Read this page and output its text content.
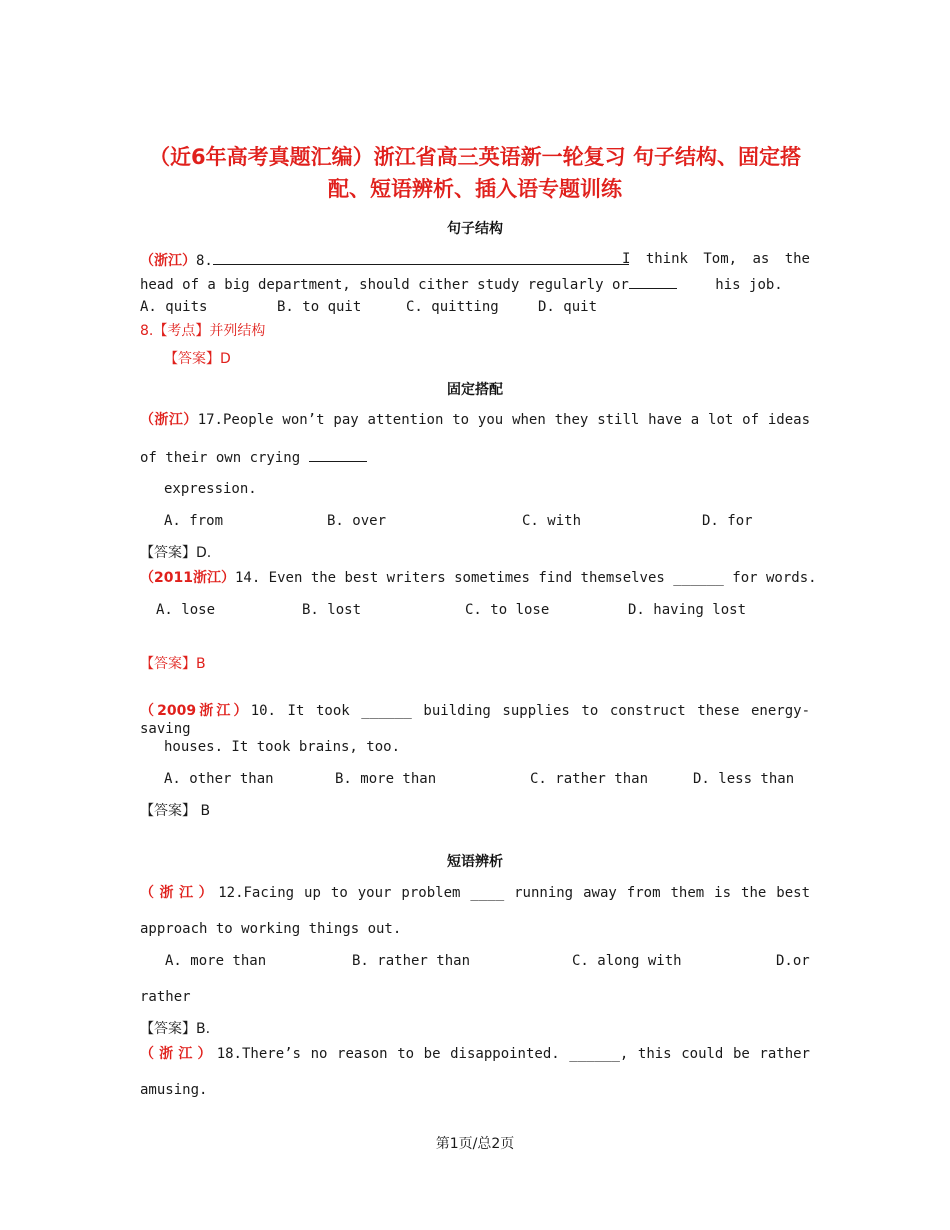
（近6年高考真题汇编）浙江省高三英语新一轮复习 句子结构、固定搭配、短语辨析、插入语专题训练
句子结构
（浙江）8.	I think Tom, as the
head of a big department, should cither study regularly or	his job.
A. quits	B. to quit	C. quitting	D. quit
8.【考点】并列结构
【答案】D
固定搭配
（浙江）17.People won’t pay attention to you when they still have a lot of ideas
of their own crying
expression.
A. from	B. over	C. with	D. for
【答案】D.
（2011浙江）14. Even the best writers sometimes find themselves ______ for words.
A. lose	B. lost	C. to lose	D. having lost
【答案】B
（2009浙江）10. It took ______ building supplies to construct these energy-saving
houses. It took brains, too.
A. other than	B. more than	C. rather than	D. less than
【答案】 B
短语辨析
（浙江）12.Facing up to your problem ____ running away from them is the best
approach to working things out.
A. more than	B. rather than	C. along with	D.or
rather
【答案】B.
（浙江）18.There’s no reason to be disappointed. ______, this could be rather
amusing.
第1页/总2页
